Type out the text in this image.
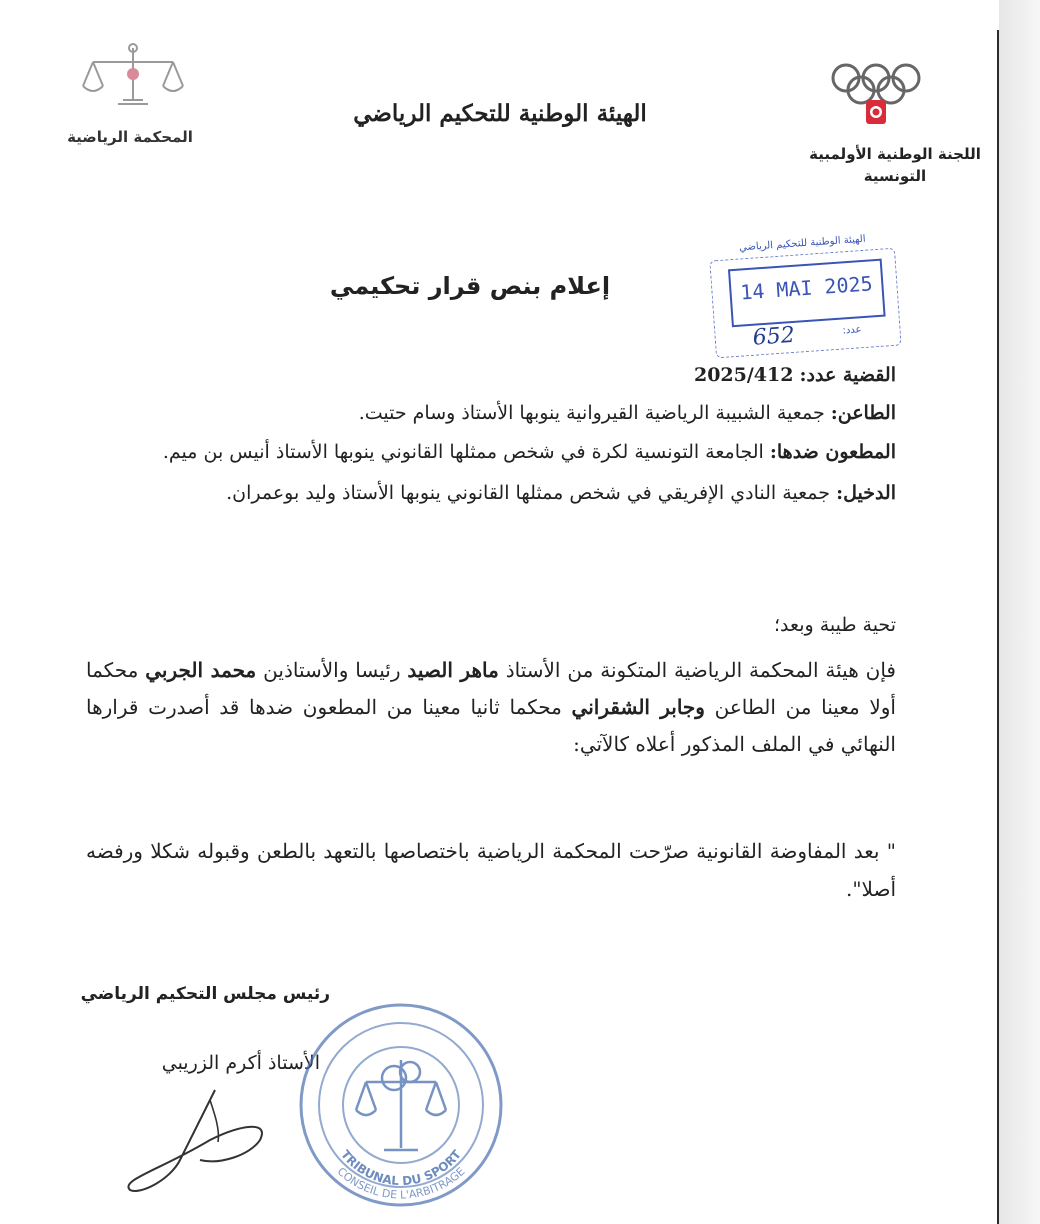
المحكمة الرياضية
الهيئة الوطنية للتحكيم الرياضي
اللجنة الوطنية الأولمبية
التونسية
الهيئة الوطنية للتحكيم الرياضي
14 MAI 2025
652	عدد:
إعلام بنص قرار تحكيمي
القضية عدد: 2025/412
الطاعن: جمعية الشبيبة الرياضية القيروانية ينوبها الأستاذ وسام حتيت.
المطعون ضدها: الجامعة التونسية لكرة في شخص ممثلها القانوني ينوبها الأستاذ أنيس بن ميم.
الدخيل: جمعية النادي الإفريقي في شخص ممثلها القانوني ينوبها الأستاذ وليد بوعمران.
تحية طيبة وبعد؛
فإن هيئة المحكمة الرياضية المتكونة من الأستاذ ماهر الصيد رئيسا والأستاذين محمد الجربي محكما أولا معينا من الطاعن وجابر الشقراني محكما ثانيا معينا من المطعون ضدها قد أصدرت قرارها النهائي في الملف المذكور أعلاه كالآتي:
" بعد المفاوضة القانونية صرّحت المحكمة الرياضية باختصاصها بالتعهد بالطعن وقبوله شكلا ورفضه أصلا".
رئيس مجلس التحكيم الرياضي
الأستاذ أكرم الزريبي
TRIBUNAL DU SPORT
CONSEIL DE L'ARBITRAGE
